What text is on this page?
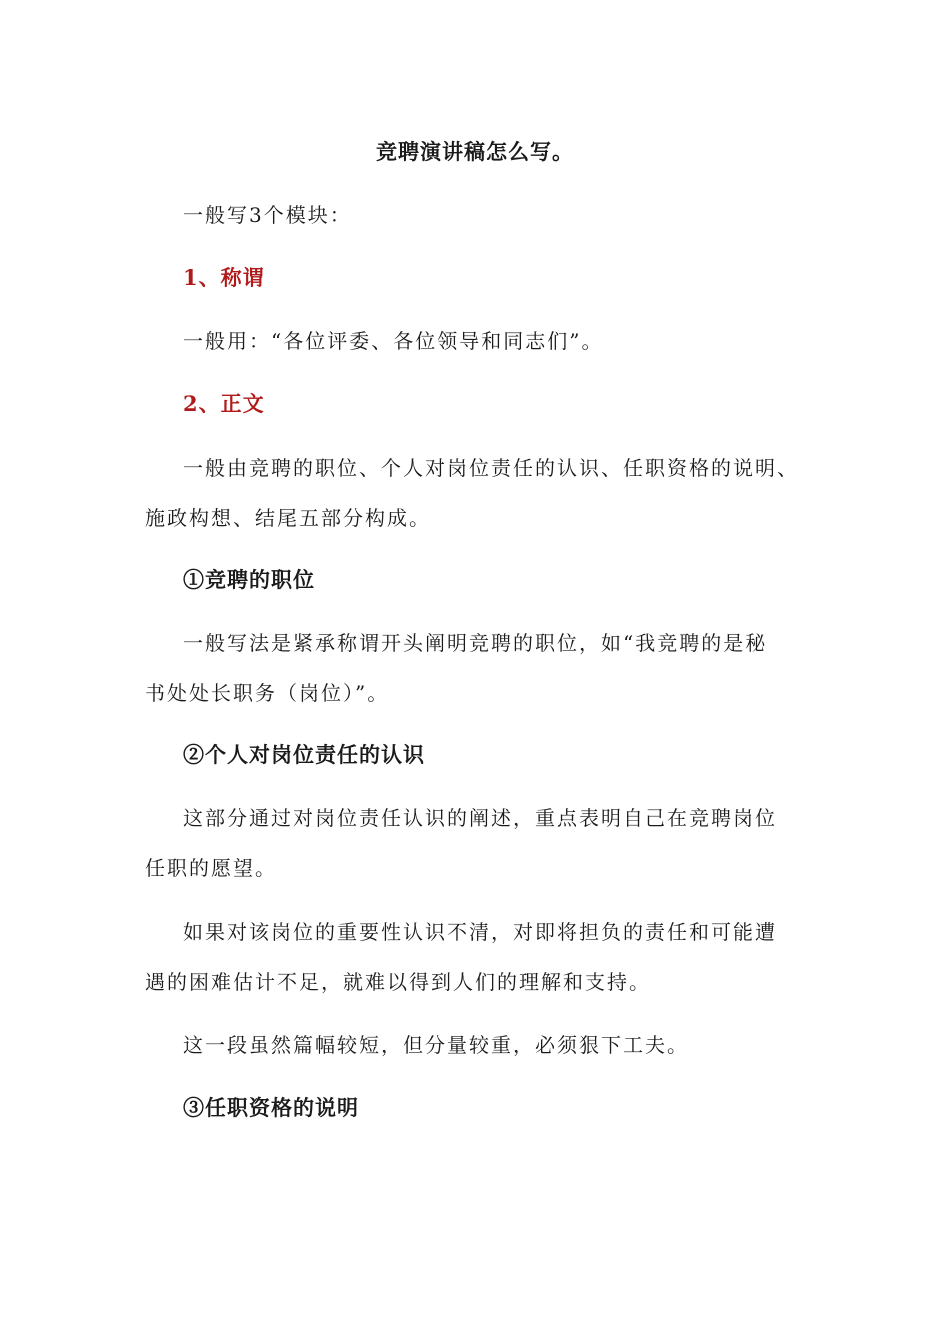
竞聘演讲稿怎么写。
一般写3个模块：
1、称谓
一般用：“各位评委、各位领导和同志们”。
2、正文
一般由竞聘的职位、个人对岗位责任的认识、任职资格的说明、
施政构想、结尾五部分构成。
①竞聘的职位
一般写法是紧承称谓开头阐明竞聘的职位，如“我竞聘的是秘
书处处长职务（岗位）”。
②个人对岗位责任的认识
这部分通过对岗位责任认识的阐述，重点表明自己在竞聘岗位
任职的愿望。
如果对该岗位的重要性认识不清，对即将担负的责任和可能遭
遇的困难估计不足，就难以得到人们的理解和支持。
这一段虽然篇幅较短，但分量较重，必须狠下工夫。
③任职资格的说明
